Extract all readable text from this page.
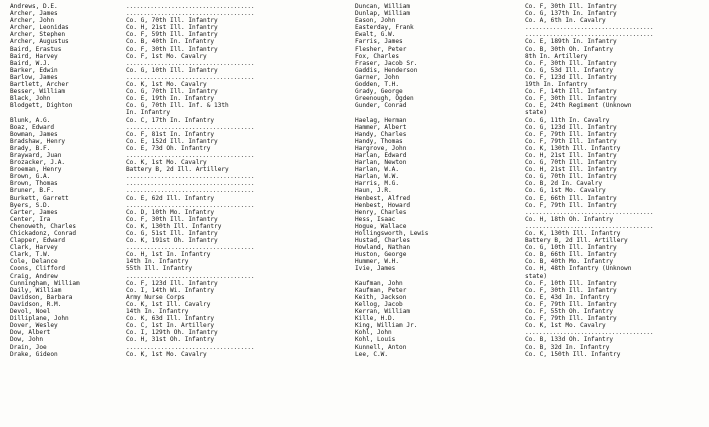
Andrews, D.E.	.....................................
Archer, James	.....................................
Archer, John	Co. G, 70th Ill. Infantry
Archer, Leonidas	Co. H, 21st Ill. Infantry
Archer, Stephen	Co. F, 59th Ill. Infantry
Archer, Augustus	Co. B, 40th In. Infantry
Baird, Erastus	Co. F, 30th Ill. Infantry
Baird, Harvey	Co. F, 1st Mo. Cavalry
Baird, W.J.	.....................................
Barker, Edwin	Co. G, 10th Ill. Infantry
Barlow, James	.....................................
Bartlett, Archer	Co. K, 1st Mo. Cavalry
Besser, William	Co. G, 70th Ill. Infantry
Black, John	Co. E, 19th In. Infantry
Blodgett, Dighton	Co. G, 70th Ill. Inf. & 13th
In. Infantry
Blunk, A.G.	Co. C, 17th In. Infantry
Boaz, Edward	.....................................
Bowman, James	Co. F, 81st In. Infantry
Bradshaw, Henry	Co. E, 152d Ill. Infantry
Brady, B.F.	Co. E, 73d Oh. Infantry
Brayward, Juan	.....................................
Brozacker, J.A.	Co. K, 1st Mo. Cavalry
Broeman, Henry	Battery B, 2d Ill. Artillery
Brown, G.A.	.....................................
Brown, Thomas	.....................................
Bruner, B.F.	.....................................
Burkett, Garrett	Co. E, 62d Ill. Infantry
Byers, S.D.	.....................................
Carter, James	Co. D, 10th Mo. Infantry
Center, Ira	Co. F, 30th Ill. Infantry
Chenoweth, Charles	Co. K, 130th Ill. Infantry
Chickadonz, Conrad	Co. G, 51st Ill. Infantry
Clapper, Edward	Co. K, 191st Oh. Infantry
Clark, Harvey	.....................................
Clark, T.W.	Co. H, 1st In. Infantry
Cole, Delance	14th In. Infantry
Coons, Clifford	55th Ill. Infantry
Craig, Andrew	.....................................
Cunningham, William	Co. F, 123d Ill. Infantry
Daily, William	Co. I, 14th Wi. Infantry
Davidson, Barbara	Army Nurse Corps
Davidson, R.M.	Co. K, 1st Ill. Cavalry
Devol, Noel	14th In. Infantry
Dilliplane, John	Co. K, 63d Ill. Infantry
Dover, Wesley	Co. C, 1st In. Artillery
Dow, Albert	Co. I, 129th Oh. Infantry
Dow, John	Co. H, 31st Oh. Infantry
Drain, Joe	.....................................
Drake, Gideon	Co. K, 1st Mo. Cavalry
Duncan, William	Co. F, 30th Ill. Infantry
Dunlap, William	Co. G, 137th In. Infantry
Eason, John	Co. A, 6th In. Cavalry
Easterday, Frank	.....................................
Ewalt, G.W.	.....................................
Farris, James	Co. E, 189th In. Infantry
Flesher, Peter	Co. B, 30th Oh. Infantry
Fox, Charles	8th In. Artillery
Fraser, Jacob Sr.	Co. F, 30th Ill. Infantry
Gaddis, Henderson	Co. G, 53d Ill. Infantry
Garner, John	Co. F, 123d Ill. Infantry
Godden, T.H.	19th In. Infantry
Grady, George	Co. F, 14th Ill. Infantry
Greenough, Ogden	Co. F, 30th Ill. Infantry
Gunder, Conrad	Co. E, 24th Regiment (Unknown
state)
Haelag, Herman	Co. G, 11th In. Cavalry
Hammer, Albert	Co. G, 123d Ill. Infantry
Handy, Charles	Co. F, 79th Ill. Infantry
Handy, Thomas	Co. F, 79th Ill. Infantry
Hargrove, John	Co. K, 130th Ill. Infantry
Harlan, Edward	Co. H, 21st Ill. Infantry
Harlan, Newton	Co. G, 70th Ill. Infantry
Harlan, W.A.	Co. H, 21st Ill. Infantry
Harlan, W.W.	Co. G, 70th Ill. Infantry
Harris, M.G.	Co. B, 2d In. Cavalry
Haun, J.R.	Co. G, 1st Mo. Cavalry
Henbest, Alfred	Co. E, 66th Ill. Infantry
Henbest, Howard	Co. F, 79th Ill. Infantry
Henry, Charles	.....................................
Hess, Isaac	Co. H, 18th Oh. Infantry
Hogue, Wallace	.....................................
Hollingsworth, Lewis	Co. K, 130th Ill. Infantry
Hustad, Charles	Battery B, 2d Ill. Artillery
Howland, Nathan	Co. G, 10th Ill. Infantry
Huston, George	Co. B, 66th Ill. Infantry
Hummer, W.H.	Co. B, 40th Mo. Infantry
Ivie, James	Co. H, 48th Infantry (Unknown
state)
Kaufman, John	Co. F, 10th Ill. Infantry
Kaufman, Peter	Co. F, 30th Ill. Infantry
Keith, Jackson	Co. E, 43d In. Infantry
Kellog, Jacob	Co. F, 79th Ill. Infantry
Kerran, William	Co. F, 55th Oh. Infantry
Kille, H.D.	Co. F, 79th Ill. Infantry
King, William Jr.	Co. K, 1st Mo. Cavalry
Kohl, John	.....................................
Kohl, Louis	Co. B, 133d Oh. Infantry
Kunnell, Anton	Co. B, 32d In. Infantry
Lee, C.W.	Co. C, 150th Ill. Infantry
